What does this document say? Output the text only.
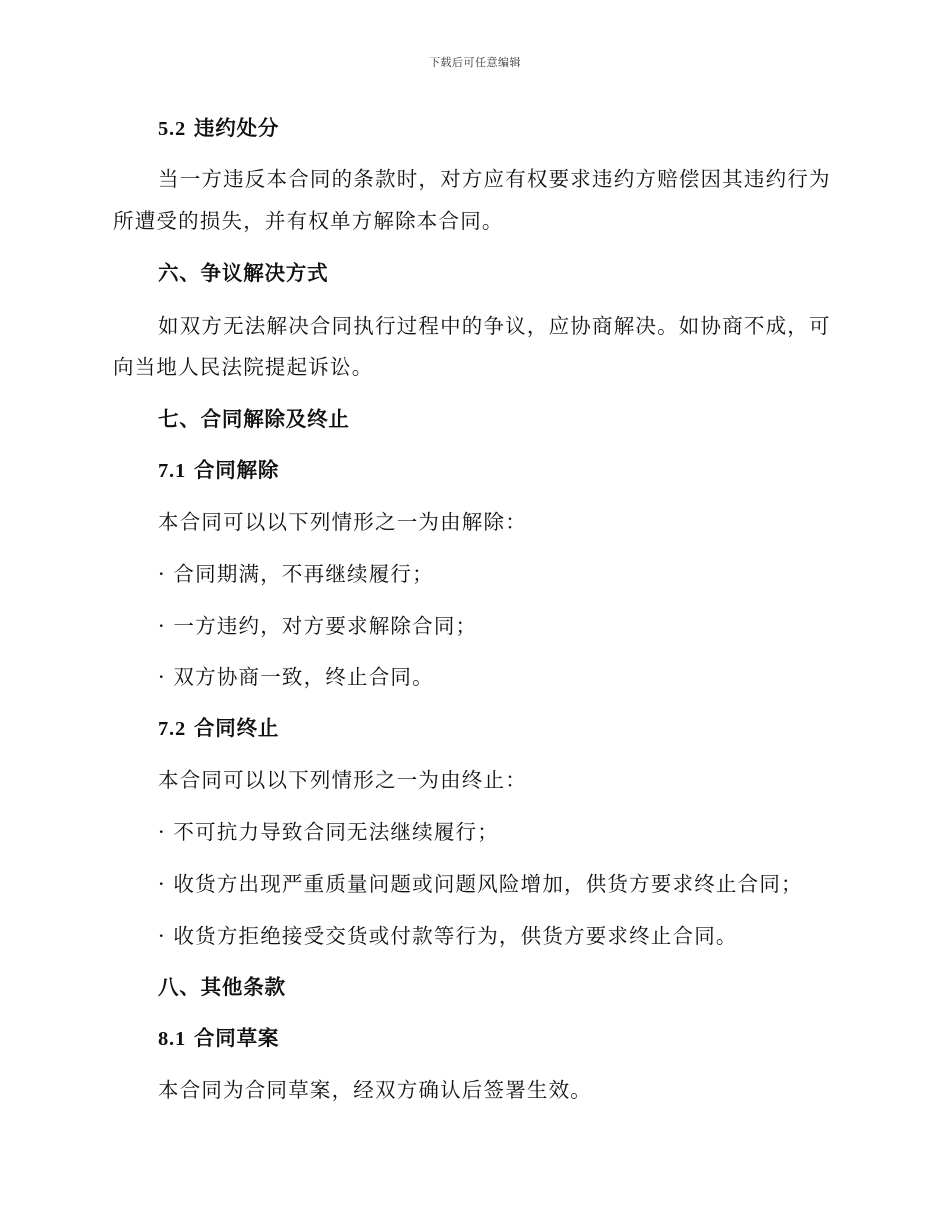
下载后可任意编辑
5.2 违约处分
当一方违反本合同的条款时，对方应有权要求违约方赔偿因其违约行为
所遭受的损失，并有权单方解除本合同。
六、争议解决方式
如双方无法解决合同执行过程中的争议，应协商解决。如协商不成，可
向当地人民法院提起诉讼。
七、合同解除及终止
7.1 合同解除
本合同可以以下列情形之一为由解除：
· 合同期满，不再继续履行；
· 一方违约，对方要求解除合同；
· 双方协商一致，终止合同。
7.2 合同终止
本合同可以以下列情形之一为由终止：
· 不可抗力导致合同无法继续履行；
· 收货方出现严重质量问题或问题风险增加，供货方要求终止合同；
· 收货方拒绝接受交货或付款等行为，供货方要求终止合同。
八、其他条款
8.1 合同草案
本合同为合同草案，经双方确认后签署生效。
